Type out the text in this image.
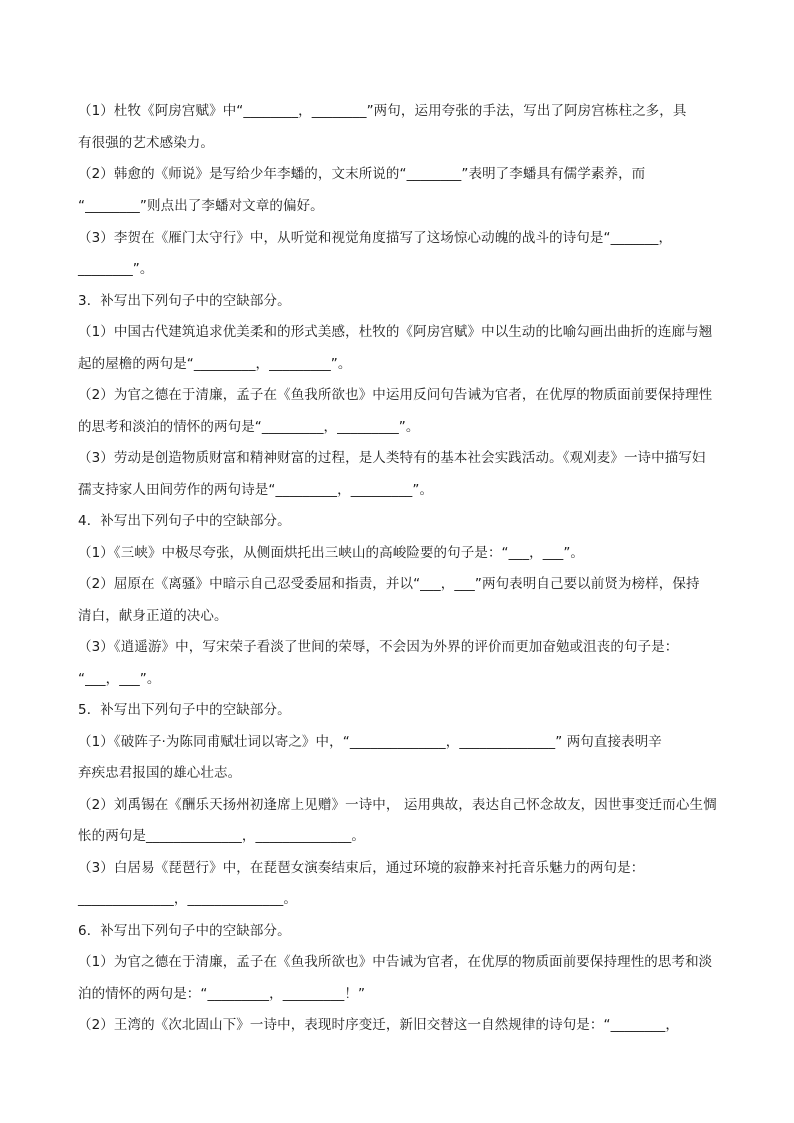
（1）杜牧《阿房宫赋》中“________，________”两句，运用夸张的手法，写出了阿房宫栋柱之多，具
有很强的艺术感染力。
（2）韩愈的《师说》是写给少年李蟠的，文末所说的“________”表明了李蟠具有儒学素养，而
“________”则点出了李蟠对文章的偏好。
（3）李贺在《雁门太守行》中，从听觉和视觉角度描写了这场惊心动魄的战斗的诗句是“_______，
________”。
3．补写出下列句子中的空缺部分。
（1）中国古代建筑追求优美柔和的形式美感，杜牧的《阿房宫赋》中以生动的比喻勾画出曲折的连廊与翘
起的屋檐的两句是“_________，_________”。
（2）为官之德在于清廉，孟子在《鱼我所欲也》中运用反问句告诫为官者，在优厚的物质面前要保持理性
的思考和淡泊的情怀的两句是“_________，_________”。
（3）劳动是创造物质财富和精神财富的过程，是人类特有的基本社会实践活动。《观刈麦》一诗中描写妇
孺支持家人田间劳作的两句诗是“_________，_________”。
4．补写出下列句子中的空缺部分。
（1）《三峡》中极尽夸张，从侧面烘托出三峡山的高峻险要的句子是：“___，___”。
（2）屈原在《离骚》中暗示自己忍受委屈和指责，并以“___，___”两句表明自己要以前贤为榜样，保持
清白，献身正道的决心。
（3）《逍遥游》中，写宋荣子看淡了世间的荣辱，不会因为外界的评价而更加奋勉或沮丧的句子是：
“___，___”。
5．补写出下列句子中的空缺部分。
（1）《破阵子·为陈同甫赋壮词以寄之》中，“______________，______________” 两句直接表明辛
弃疾忠君报国的雄心壮志。
（2）刘禹锡在《酬乐天扬州初逢席上见赠》一诗中， 运用典故，表达自己怀念故友，因世事变迁而心生惆
怅的两句是______________，______________。
（3）白居易《琵琶行》中，在琵琶女演奏结束后，通过环境的寂静来衬托音乐魅力的两句是：
______________，______________。
6．补写出下列句子中的空缺部分。
（1）为官之德在于清廉，孟子在《鱼我所欲也》中告诫为官者，在优厚的物质面前要保持理性的思考和淡
泊的情怀的两句是：“_________，_________！”
（2）王湾的《次北固山下》一诗中，表现时序变迁，新旧交替这一自然规律的诗句是：“________，
